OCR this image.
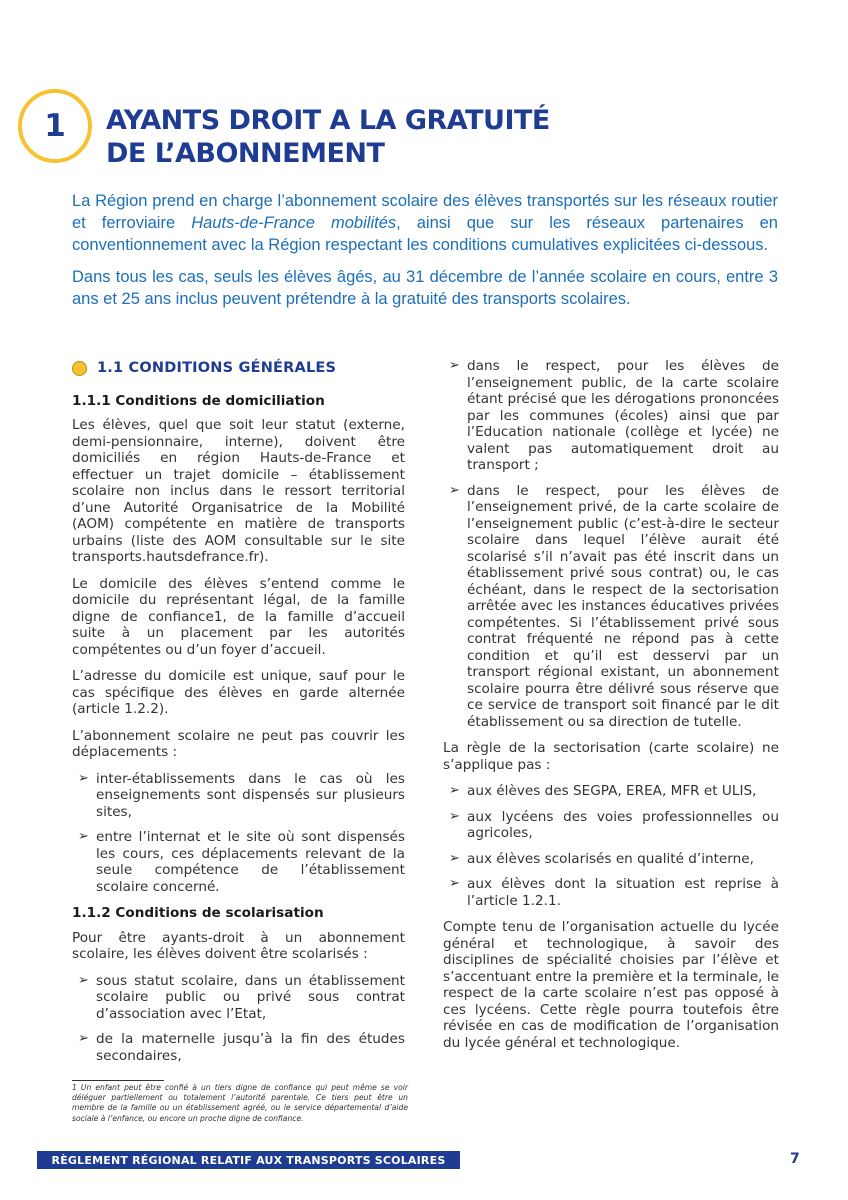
1 AYANTS DROIT A LA GRATUITÉ
DE L’ABONNEMENT

La Région prend en charge l’abonnement scolaire des élèves transportés sur les réseaux routier et ferroviaire Hauts-de-France mobilités, ainsi que sur les réseaux partenaires en conventionnement avec la Région respectant les conditions cumulatives explicitées ci-dessous.

Dans tous les cas, seuls les élèves âgés, au 31 décembre de l’année scolaire en cours, entre 3 ans et 25 ans inclus peuvent prétendre à la gratuité des transports scolaires.

1.1 CONDITIONS GÉNÉRALES
1.1.1 Conditions de domiciliation

Les élèves, quel que soit leur statut (externe, demi-pensionnaire, interne), doivent être domiciliés en région Hauts-de-France et effectuer un trajet domicile – établissement scolaire non inclus dans le ressort territorial d’une Autorité Organisatrice de la Mobilité (AOM) compétente en matière de transports urbains (liste des AOM consultable sur le site transports.hautsdefrance.fr).

Le domicile des élèves s’entend comme le domicile du représentant légal, de la famille digne de confiance1, de la famille d’accueil suite à un placement par les autorités compétentes ou d’un foyer d’accueil.

L’adresse du domicile est unique, sauf pour le cas spécifique des élèves en garde alternée (article 1.2.2).

L’abonnement scolaire ne peut pas couvrir les déplacements :

➢ inter-établissements dans le cas où les enseignements sont dispensés sur plusieurs sites,
➢ entre l’internat et le site où sont dispensés les cours, ces déplacements relevant de la seule compétence de l’établissement scolaire concerné.
1.1.2 Conditions de scolarisation

Pour être ayants-droit à un abonnement scolaire, les élèves doivent être scolarisés :

➢ sous statut scolaire, dans un établissement scolaire public ou privé sous contrat d’association avec l’Etat,
➢ de la maternelle jusqu’à la fin des études secondaires,
➢ dans le respect, pour les élèves de l’enseignement public, de la carte scolaire étant précisé que les dérogations prononcées par les communes (écoles) ainsi que par l’Education nationale (collège et lycée) ne valent pas automatiquement droit au transport ;
➢ dans le respect, pour les élèves de l’enseignement privé, de la carte scolaire de l’enseignement public (c’est-à-dire le secteur scolaire dans lequel l’élève aurait été scolarisé s’il n’avait pas été inscrit dans un établissement privé sous contrat) ou, le cas échéant, dans le respect de la sectorisation arrêtée avec les instances éducatives privées compétentes. Si l’établissement privé sous contrat fréquenté ne répond pas à cette condition et qu’il est desservi par un transport régional existant, un abonnement scolaire pourra être délivré sous réserve que ce service de transport soit financé par le dit établissement ou sa direction de tutelle.

La règle de la sectorisation (carte scolaire) ne s’applique pas :

➢ aux élèves des SEGPA, EREA, MFR et ULIS,
➢ aux lycéens des voies professionnelles ou agricoles,
➢ aux élèves scolarisés en qualité d’interne,
➢ aux élèves dont la situation est reprise à l’article 1.2.1.

Compte tenu de l’organisation actuelle du lycée général et technologique, à savoir des disciplines de spécialité choisies par l’élève et s’accentuant entre la première et la terminale, le respect de la carte scolaire n’est pas opposé à ces lycéens. Cette règle pourra toutefois être révisée en cas de modification de l’organisation du lycée général et technologique.

1 Un enfant peut être confié à un tiers digne de confiance qui peut même se voir déléguer partiellement ou totalement l’autorité parentale. Ce tiers peut être un membre de la famille ou un établissement agréé, ou le service départemental d’aide sociale à l’enfance, ou encore un proche digne de confiance.

RÈGLEMENT RÉGIONAL RELATIF AUX TRANSPORTS SCOLAIRES	7
